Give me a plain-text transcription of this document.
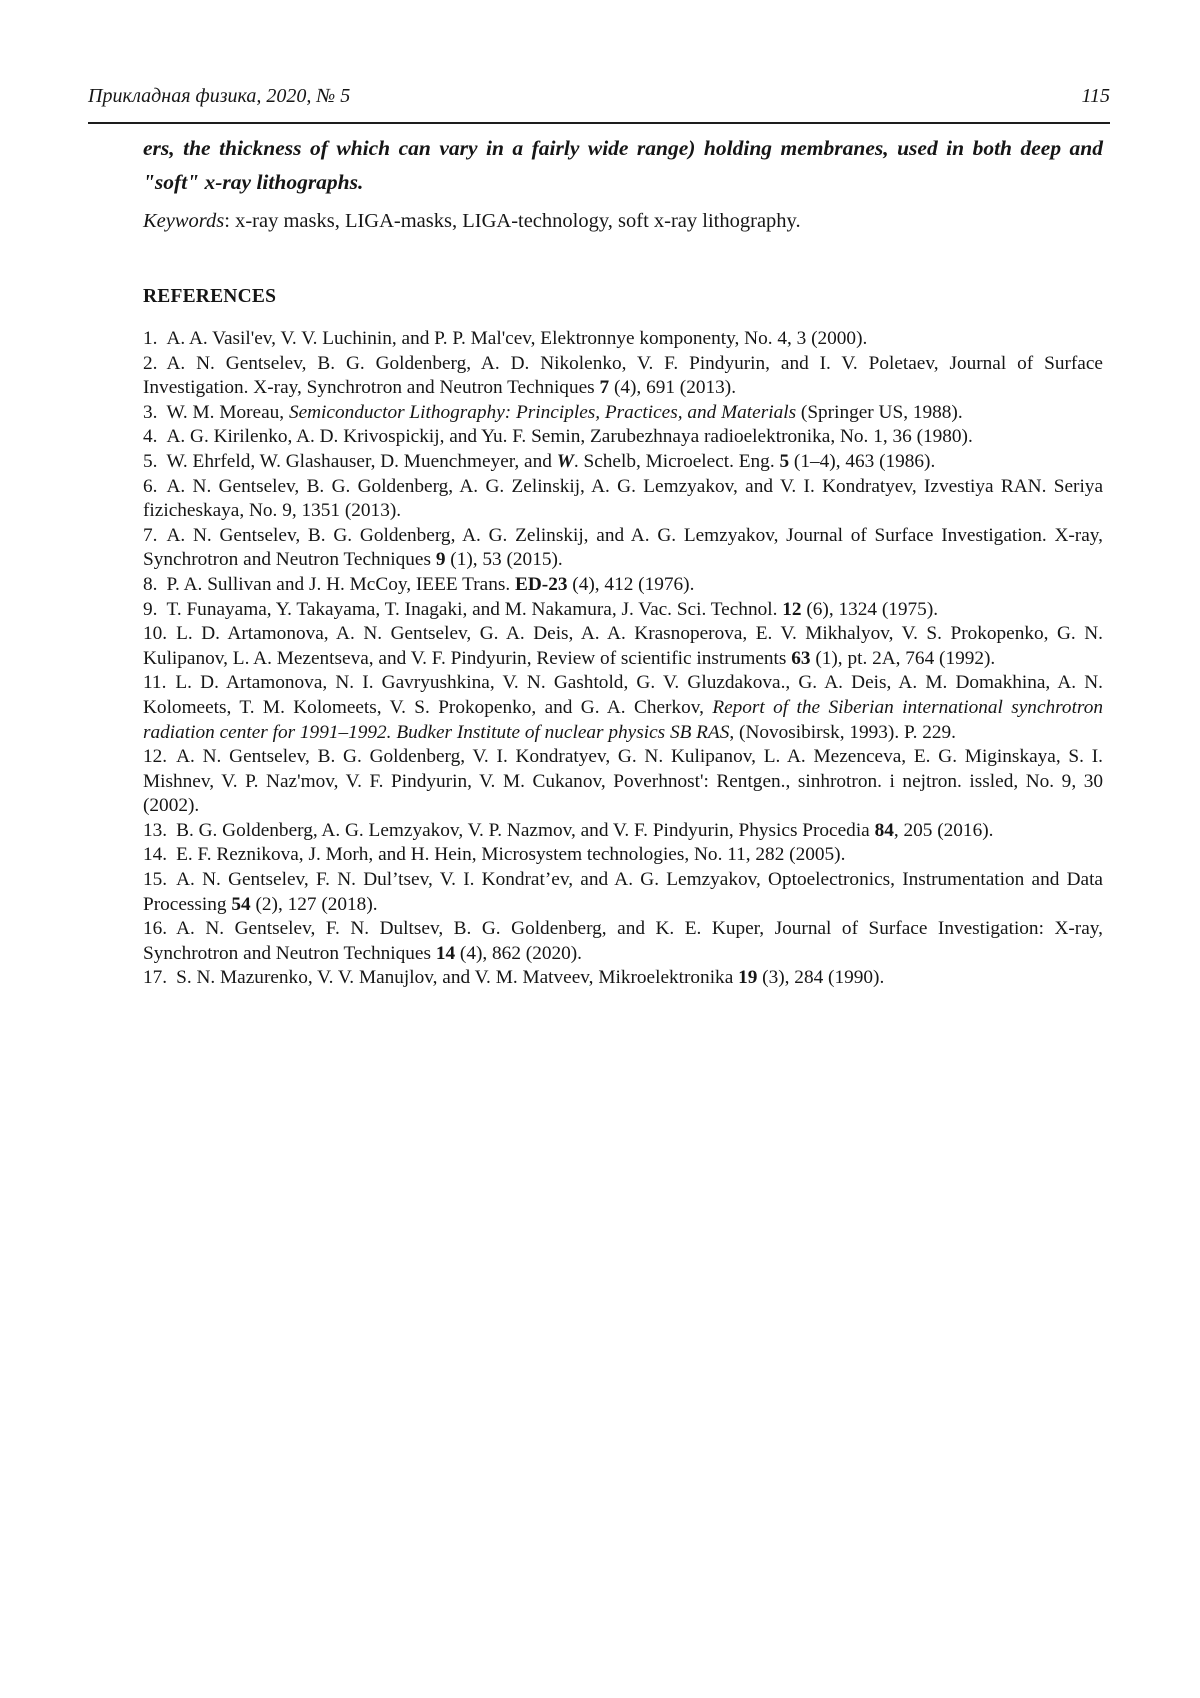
Прикладная физика, 2020, № 5	115

ers, the thickness of which can vary in a fairly wide range) holding membranes, used in both deep and "soft" x-ray lithographs.

Keywords: x-ray masks, LIGA-masks, LIGA-technology, soft x-ray lithography.

REFERENCES

1. A. A. Vasil'ev, V. V. Luchinin, and P. P. Mal'cev, Elektronnye komponenty, No. 4, 3 (2000).

2. A. N. Gentselev, B. G. Goldenberg, A. D. Nikolenko, V. F. Pindyurin, and I. V. Poletaev, Journal of Surface Investigation. X-ray, Synchrotron and Neutron Techniques 7 (4), 691 (2013).

3. W. M. Moreau, Semiconductor Lithography: Principles, Practices, and Materials (Springer US, 1988).

4. A. G. Kirilenko, A. D. Krivospickij, and Yu. F. Semin, Zarubezhnaya radioelektronika, No. 1, 36 (1980).

5. W. Ehrfeld, W. Glashauser, D. Muenchmeyer, and W. Schelb, Microelect. Eng. 5 (1–4), 463 (1986).

6. A. N. Gentselev, B. G. Goldenberg, A. G. Zelinskij, A. G. Lemzyakov, and V. I. Kondratyev, Izvestiya RAN. Seriya fizicheskaya, No. 9, 1351 (2013).

7. A. N. Gentselev, B. G. Goldenberg, A. G. Zelinskij, and A. G. Lemzyakov, Journal of Surface Investigation. X-ray, Synchrotron and Neutron Techniques 9 (1), 53 (2015).

8. P. A. Sullivan and J. H. McCoy, IEEE Trans. ED-23 (4), 412 (1976).

9. T. Funayama, Y. Takayama, T. Inagaki, and M. Nakamura, J. Vac. Sci. Technol. 12 (6), 1324 (1975).

10. L. D. Artamonova, A. N. Gentselev, G. A. Deis, A. A. Krasnoperova, E. V. Mikhalyov, V. S. Prokopenko, G. N. Kulipanov, L. A. Mezentseva, and V. F. Pindyurin, Review of scientific instruments 63 (1), pt. 2A, 764 (1992).

11. L. D. Artamonova, N. I. Gavryushkina, V. N. Gashtold, G. V. Gluzdakova., G. A. Deis, A. M. Domakhina, A. N. Kolomeets, T. M. Kolomeets, V. S. Prokopenko, and G. A. Cherkov, Report of the Siberian international synchrotron radiation center for 1991–1992. Budker Institute of nuclear physics SB RAS, (Novosibirsk, 1993). P. 229.

12. A. N. Gentselev, B. G. Goldenberg, V. I. Kondratyev, G. N. Kulipanov, L. A. Mezenceva, E. G. Miginskaya, S. I. Mishnev, V. P. Naz'mov, V. F. Pindyurin, V. M. Cukanov, Poverhnost': Rentgen., sinhrotron. i nejtron. issled, No. 9, 30 (2002).

13. B. G. Goldenberg, A. G. Lemzyakov, V. P. Nazmov, and V. F. Pindyurin, Physics Procedia 84, 205 (2016).

14. E. F. Reznikova, J. Morh, and H. Hein, Microsystem technologies, No. 11, 282 (2005).

15. A. N. Gentselev, F. N. Dul’tsev, V. I. Kondrat’ev, and A. G. Lemzyakov, Optoelectronics, Instrumentation and Data Processing 54 (2), 127 (2018).

16. A. N. Gentselev, F. N. Dultsev, B. G. Goldenberg, and K. E. Kuper, Journal of Surface Investigation: X-ray, Synchrotron and Neutron Techniques 14 (4), 862 (2020).

17. S. N. Mazurenko, V. V. Manujlov, and V. M. Matveev, Mikroelektronika 19 (3), 284 (1990).
